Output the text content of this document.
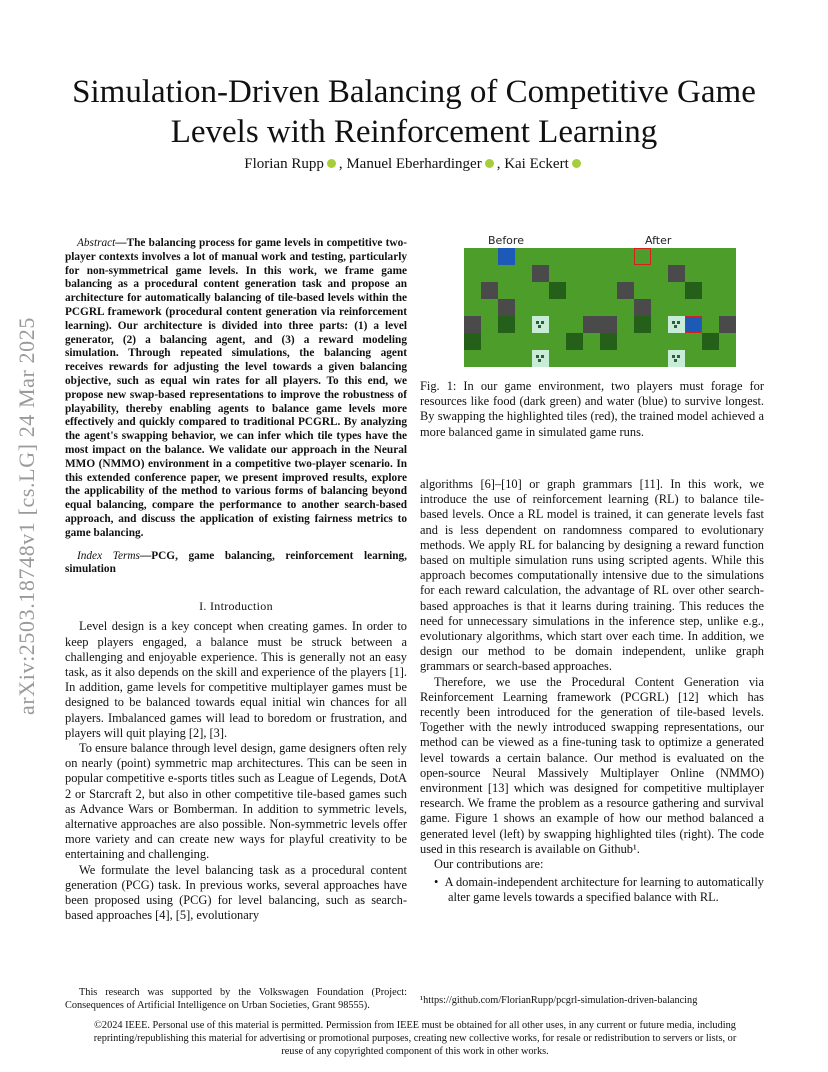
arXiv:2503.18748v1 [cs.LG] 24 Mar 2025
Simulation-Driven Balancing of Competitive Game Levels with Reinforcement Learning
Florian Rupp , Manuel Eberhardinger , Kai Eckert

Abstract—The balancing process for game levels in competitive two-player contexts involves a lot of manual work and testing, particularly for non-symmetrical game levels. In this work, we frame game balancing as a procedural content generation task and propose an architecture for automatically balancing of tile-based levels within the PCGRL framework (procedural content generation via reinforcement learning). Our architecture is divided into three parts: (1) a level generator, (2) a balancing agent, and (3) a reward modeling simulation. Through repeated simulations, the balancing agent receives rewards for adjusting the level towards a given balancing objective, such as equal win rates for all players. To this end, we propose new swap-based representations to improve the robustness of playability, thereby enabling agents to balance game levels more effectively and quickly compared to traditional PCGRL. By analyzing the agent's swapping behavior, we can infer which tile types have the most impact on the balance. We validate our approach in the Neural MMO (NMMO) environment in a competitive two-player scenario. In this extended conference paper, we present improved results, explore the applicability of the method to various forms of balancing beyond equal balancing, compare the performance to another search-based approach, and discuss the application of existing fairness metrics to game balancing.

Index Terms—PCG, game balancing, reinforcement learning, simulation

I. Introduction

Level design is a key concept when creating games. In order to keep players engaged, a balance must be struck between a challenging and enjoyable experience. This is generally not an easy task, as it also depends on the skill and experience of the players [1]. In addition, game levels for competitive multiplayer games must be designed to be balanced towards equal initial win chances for all players. Imbalanced games will lead to boredom or frustration, and players will quit playing [2], [3].

To ensure balance through level design, game designers often rely on nearly (point) symmetric map architectures. This can be seen in popular competitive e-sports titles such as League of Legends, DotA 2 or Starcraft 2, but also in other competitive tile-based games such as Advance Wars or Bomberman. In addition to symmetric levels, alternative approaches are also possible. Non-symmetric levels offer more variety and can create new ways for playful creativity to be entertaining and challenging.

We formulate the level balancing task as a procedural content generation (PCG) task. In previous works, several approaches have been proposed using (PCG) for level balancing, such as search-based approaches [4], [5], evolutionary

This research was supported by the Volkswagen Foundation (Project: Consequences of Artificial Intelligence on Urban Societies, Grant 98555).

Before	After

Fig. 1: In our game environment, two players must forage for resources like food (dark green) and water (blue) to survive longest. By swapping the highlighted tiles (red), the trained model achieved a more balanced game in simulated game runs.

algorithms [6]–[10] or graph grammars [11]. In this work, we introduce the use of reinforcement learning (RL) to balance tile-based levels. Once a RL model is trained, it can generate levels fast and is less dependent on randomness compared to evolutionary methods. We apply RL for balancing by designing a reward function based on multiple simulation runs using scripted agents. While this approach becomes computationally intensive due to the simulations for each reward calculation, the advantage of RL over other search-based approaches is that it learns during training. This reduces the need for unnecessary simulations in the inference step, unlike e.g., evolutionary algorithms, which start over each time. In addition, we design our method to be domain independent, unlike graph grammars or search-based approaches.

Therefore, we use the Procedural Content Generation via Reinforcement Learning framework (PCGRL) [12] which has recently been introduced for the generation of tile-based levels. Together with the newly introduced swapping representations, our method can be viewed as a fine-tuning task to optimize a generated level towards a certain balance. Our method is evaluated on the open-source Neural Massively Multiplayer Online (NMMO) environment [13] which was designed for competitive multiplayer research. We frame the problem as a resource gathering and survival game. Figure 1 shows an example of how our method balanced a generated level (left) by swapping highlighted tiles (right). The code used in this research is available on Github¹.

Our contributions are:

•  A domain-independent architecture for learning to automatically alter game levels towards a specified balance with RL.

¹https://github.com/FlorianRupp/pcgrl-simulation-driven-balancing
©2024 IEEE. Personal use of this material is permitted. Permission from IEEE must be obtained for all other uses, in any current or future media, including reprinting/republishing this material for advertising or promotional purposes, creating new collective works, for resale or redistribution to servers or lists, or reuse of any copyrighted component of this work in other works.
